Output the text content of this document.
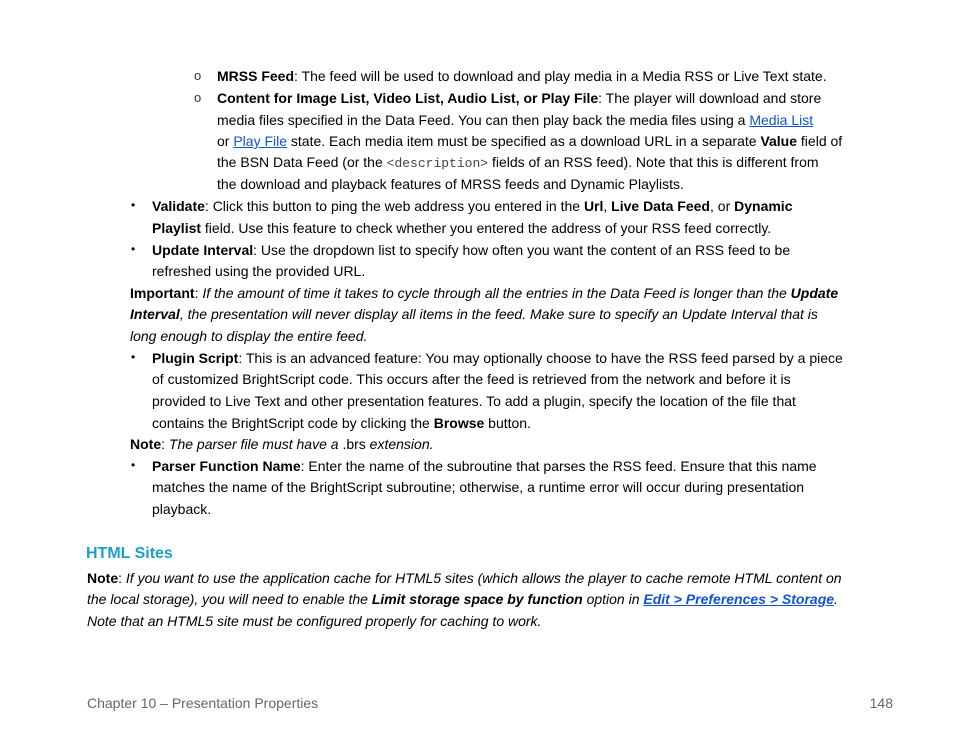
o MRSS Feed: The feed will be used to download and play media in a Media RSS or Live Text state.
o Content for Image List, Video List, Audio List, or Play File: The player will download and store
media files specified in the Data Feed. You can then play back the media files using a Media List
or Play File state. Each media item must be specified as a download URL in a separate Value field of
the BSN Data Feed (or the <description> fields of an RSS feed). Note that this is different from
the download and playback features of MRSS feeds and Dynamic Playlists.
• Validate: Click this button to ping the web address you entered in the Url, Live Data Feed, or Dynamic
Playlist field. Use this feature to check whether you entered the address of your RSS feed correctly.
• Update Interval: Use the dropdown list to specify how often you want the content of an RSS feed to be
refreshed using the provided URL.
Important: If the amount of time it takes to cycle through all the entries in the Data Feed is longer than the Update
Interval, the presentation will never display all items in the feed. Make sure to specify an Update Interval that is
long enough to display the entire feed.
• Plugin Script: This is an advanced feature: You may optionally choose to have the RSS feed parsed by a piece
of customized BrightScript code. This occurs after the feed is retrieved from the network and before it is
provided to Live Text and other presentation features. To add a plugin, specify the location of the file that
contains the BrightScript code by clicking the Browse button.
Note: The parser file must have a .brs extension.
• Parser Function Name: Enter the name of the subroutine that parses the RSS feed. Ensure that this name
matches the name of the BrightScript subroutine; otherwise, a runtime error will occur during presentation
playback.
HTML Sites
Note: If you want to use the application cache for HTML5 sites (which allows the player to cache remote HTML content on
the local storage), you will need to enable the Limit storage space by function option in Edit > Preferences > Storage.
Note that an HTML5 site must be configured properly for caching to work.
Chapter 10 – Presentation Properties	148
